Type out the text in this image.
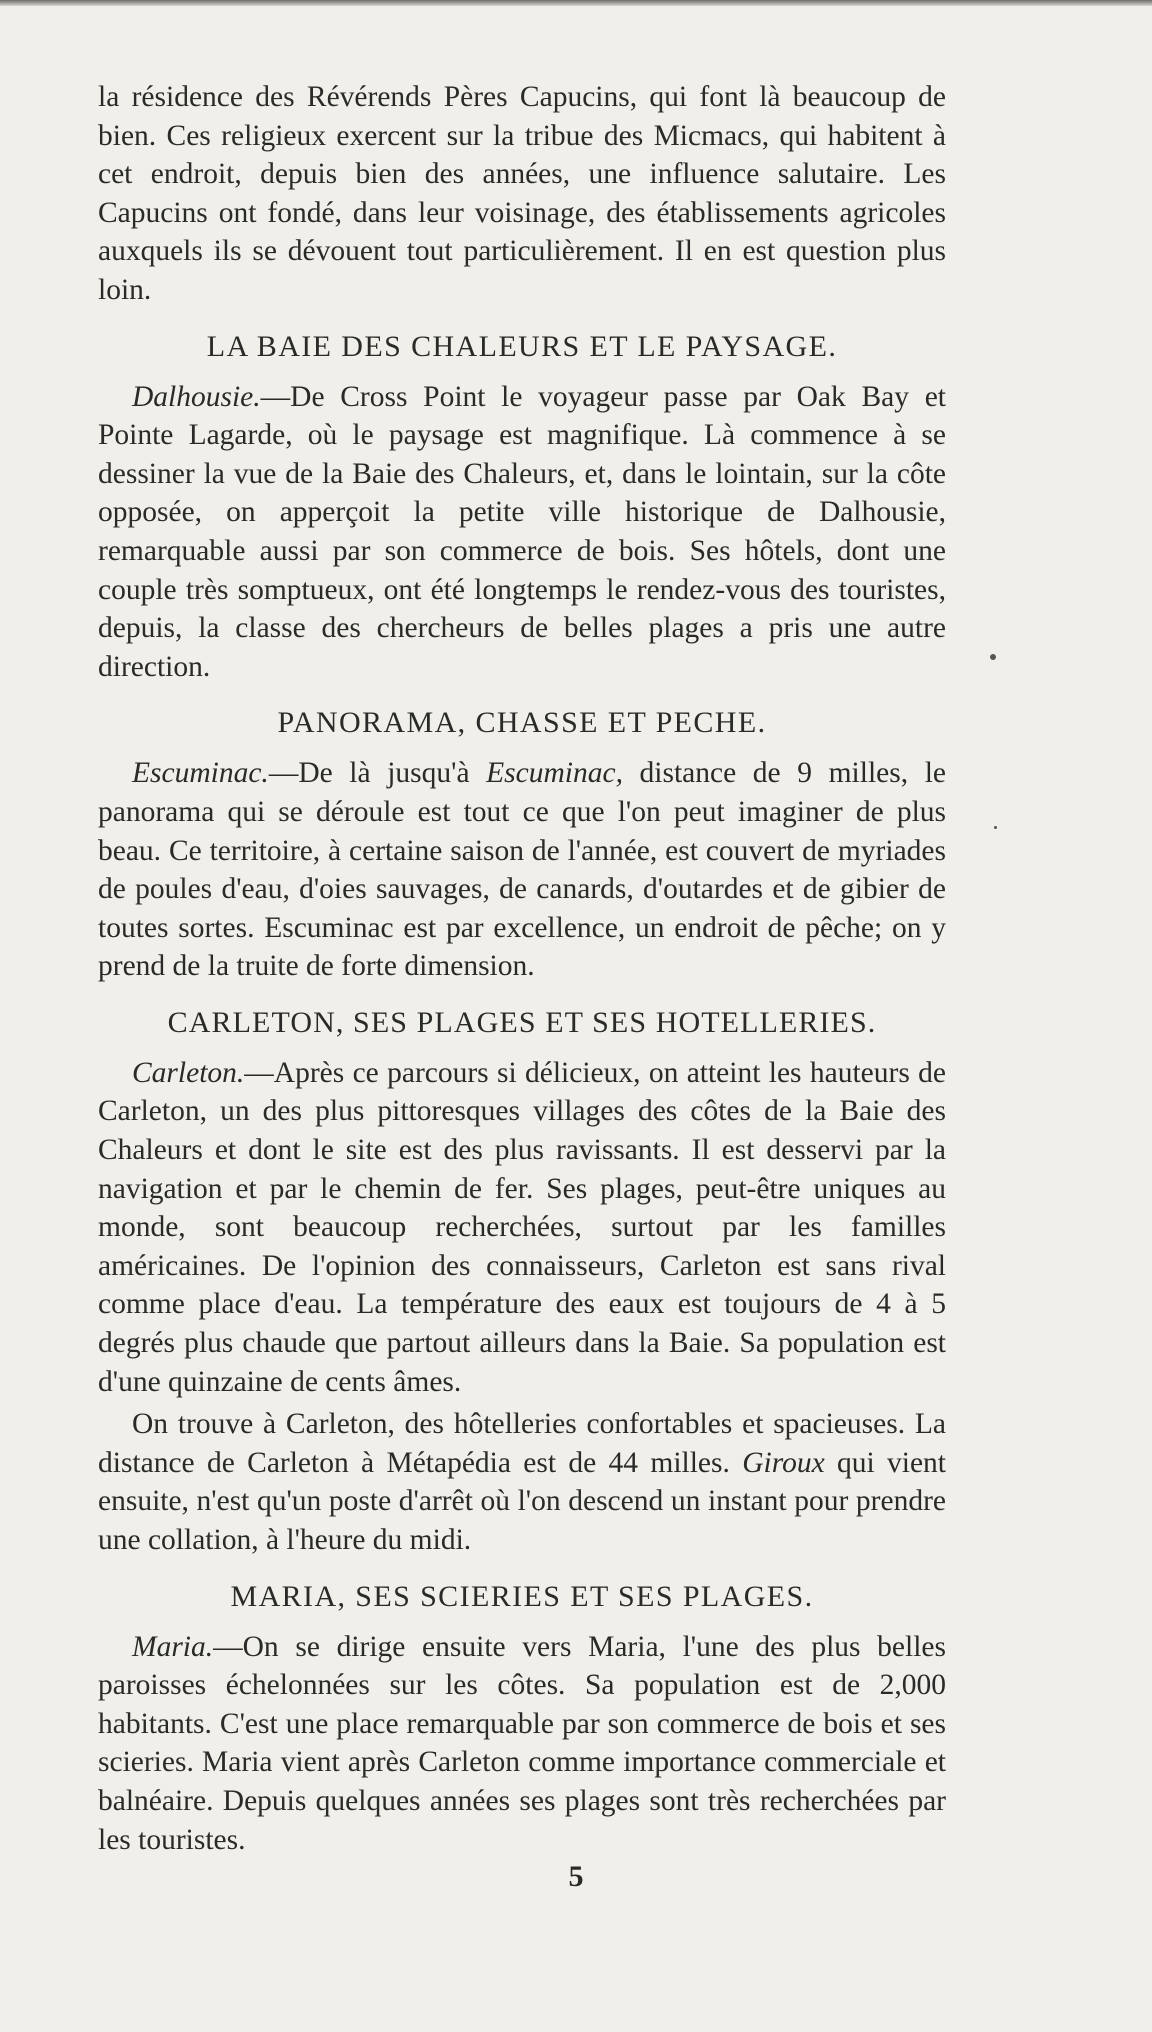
la résidence des Révérends Pères Capucins, qui font là beaucoup de bien. Ces religieux exercent sur la tribue des Micmacs, qui habitent à cet endroit, depuis bien des années, une influence salutaire. Les Capucins ont fondé, dans leur voisinage, des établissements agricoles auxquels ils se dévouent tout particulièrement. Il en est question plus loin.

LA BAIE DES CHALEURS ET LE PAYSAGE.

Dalhousie.—De Cross Point le voyageur passe par Oak Bay et Pointe Lagarde, où le paysage est magnifique. Là commence à se dessiner la vue de la Baie des Chaleurs, et, dans le lointain, sur la côte opposée, on apperçoit la petite ville historique de Dalhousie, remarquable aussi par son commerce de bois. Ses hôtels, dont une couple très somptueux, ont été longtemps le rendez-vous des touristes, depuis, la classe des chercheurs de belles plages a pris une autre direction.

PANORAMA, CHASSE ET PECHE.

Escuminac.—De là jusqu'à Escuminac, distance de 9 milles, le panorama qui se déroule est tout ce que l'on peut imaginer de plus beau. Ce territoire, à certaine saison de l'année, est couvert de myriades de poules d'eau, d'oies sauvages, de canards, d'outardes et de gibier de toutes sortes. Escuminac est par excellence, un endroit de pêche; on y prend de la truite de forte dimension.

CARLETON, SES PLAGES ET SES HOTELLERIES.

Carleton.—Après ce parcours si délicieux, on atteint les hauteurs de Carleton, un des plus pittoresques villages des côtes de la Baie des Chaleurs et dont le site est des plus ravissants. Il est desservi par la navigation et par le chemin de fer. Ses plages, peut-être uniques au monde, sont beaucoup recherchées, surtout par les familles américaines. De l'opinion des connaisseurs, Carleton est sans rival comme place d'eau. La température des eaux est toujours de 4 à 5 degrés plus chaude que partout ailleurs dans la Baie. Sa population est d'une quinzaine de cents âmes.

On trouve à Carleton, des hôtelleries confortables et spacieuses. La distance de Carleton à Métapédia est de 44 milles. Giroux qui vient ensuite, n'est qu'un poste d'arrêt où l'on descend un instant pour prendre une collation, à l'heure du midi.

MARIA, SES SCIERIES ET SES PLAGES.

Maria.—On se dirige ensuite vers Maria, l'une des plus belles paroisses échelonnées sur les côtes. Sa population est de 2,000 habitants. C'est une place remarquable par son commerce de bois et ses scieries. Maria vient après Carleton comme importance commerciale et balnéaire. Depuis quelques années ses plages sont très recherchées par les touristes.

5
